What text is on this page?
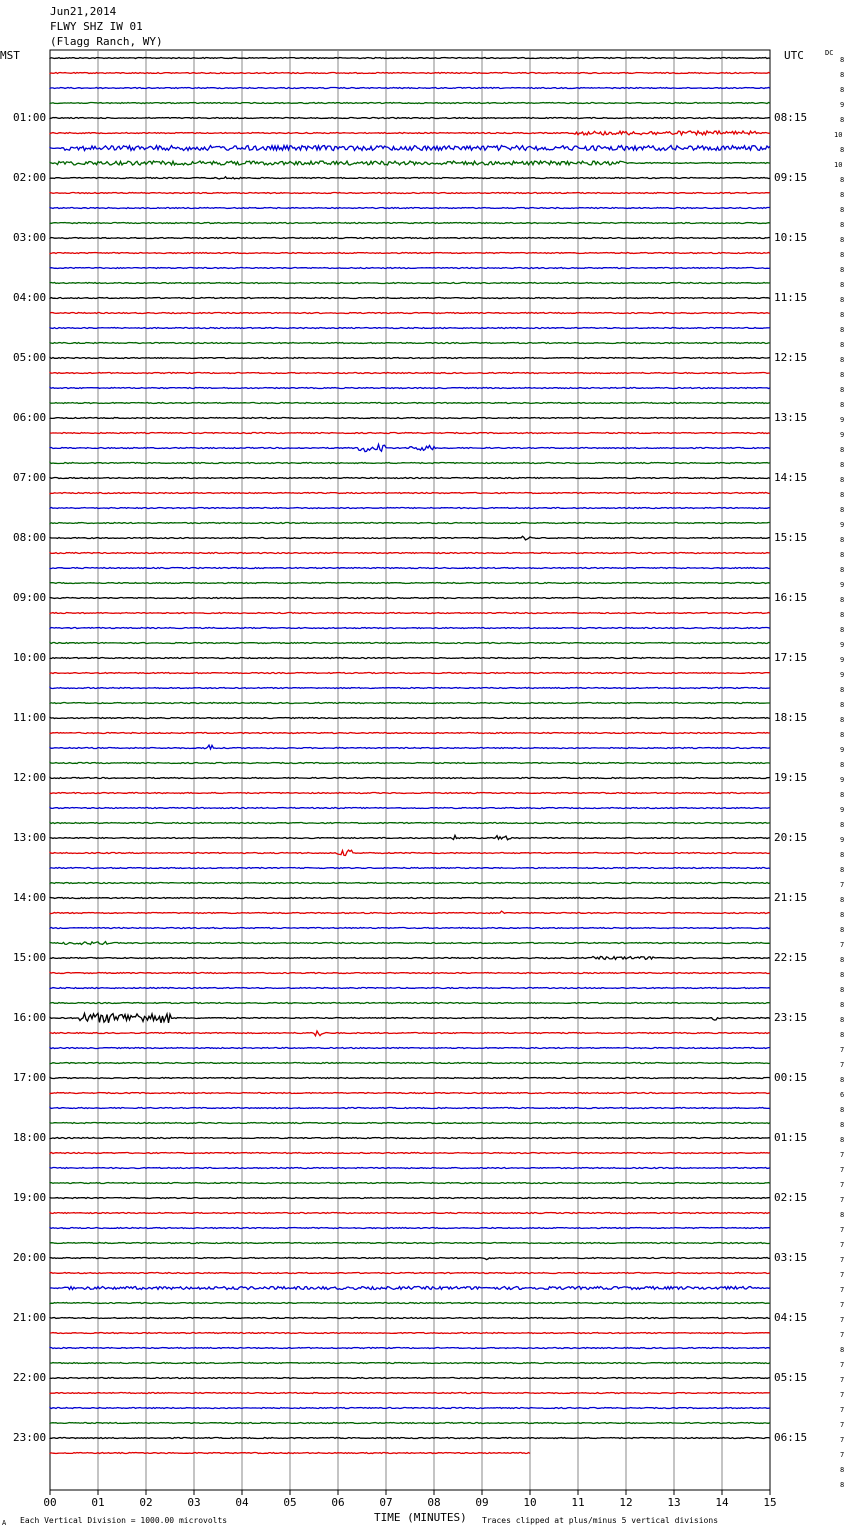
Jun21,2014
FLWY SHZ IW 01
(Flagg Ranch, WY)
MST	UTC	DC
00	01	02	03	04	05	06	07	08	09	10	11	12	13	14	15
01:00
02:00
03:00
04:00
05:00
06:00
07:00
08:00
09:00
10:00
11:00
12:00
13:00
14:00
15:00
16:00
17:00
18:00
19:00
20:00
21:00
22:00
23:00
08:15
09:15
10:15
11:15
12:15
13:15
14:15
15:15
16:15
17:15
18:15
19:15
20:15
21:15
22:15
23:15
00:15
01:15
02:15
03:15
04:15
05:15
06:15
8
8
8
9
8
10
8
10
8
8
8
8
8
8
8
8
8
8
8
8
8
8
8
8
9
9
8
8
8
8
8
9
8
8
8
9
8
8
8
9
9
9
8
8
8
8
9
8
9
8
9
8
9
8
8
7
8
8
8
7
8
8
8
8
8
8
7
7
8
6
8
8
8
7
7
7
7
8
7
7
7
7
7
7
7
7
8
7
7
7
7
7
7
7
8
8
TIME (MINUTES)
Each Vertical Division = 1000.00 microvolts	Traces clipped at plus/minus 5 vertical divisions
A
